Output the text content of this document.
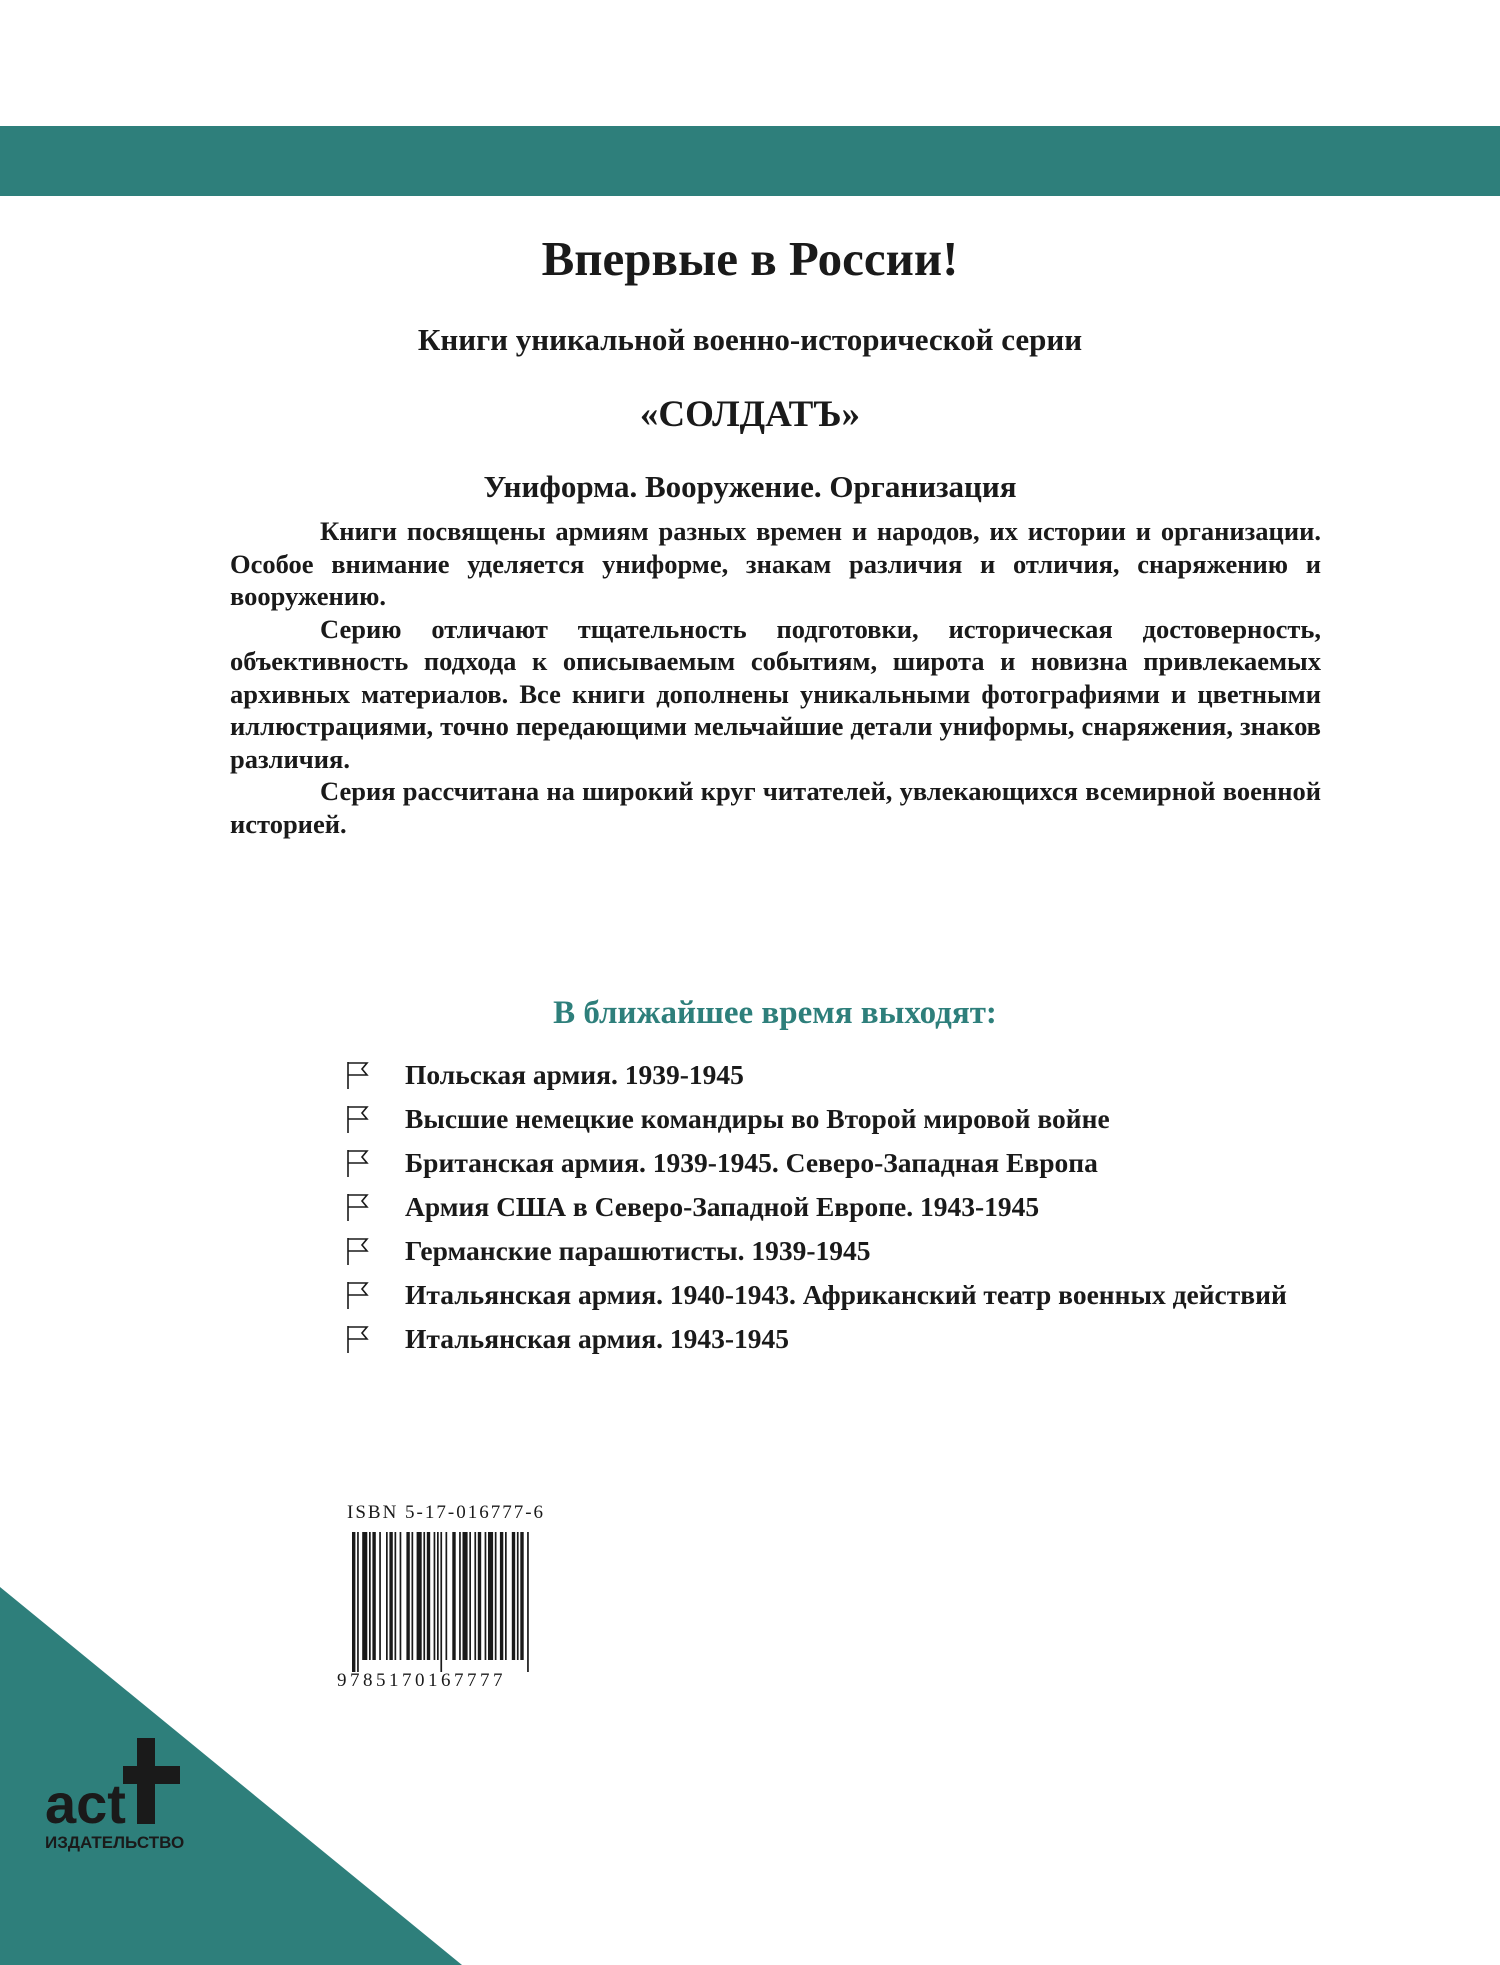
Впервые в России!
Книги уникальной военно-исторической серии
«СОЛДАТЪ»
Униформа. Вооружение. Организация

Книги посвящены армиям разных времен и народов, их истории и организации. Особое внимание уделяется униформе, знакам различия и отличия, снаряжению и вооружению.

Серию отличают тщательность подготовки, историческая достоверность, объективность подхода к описываемым событиям, широта и новизна привлекаемых архивных материалов. Все книги дополнены уникальными фотографиями и цветными иллюстрациями, точно передающими мельчайшие детали униформы, снаряжения, знаков различия.

Серия рассчитана на широкий круг читателей, увлекающихся всемирной военной историей.

В ближайшее время выходят:
Польская армия. 1939-1945
Высшие немецкие командиры во Второй мировой войне
Британская армия. 1939-1945. Северо-Западная Европа
Армия США в Северо-Западной Европе. 1943-1945
Германские парашютисты. 1939-1945
Итальянская армия. 1940-1943. Африканский театр военных действий
Итальянская армия. 1943-1945
ISBN 5-17-016777-6
9785170167777
act
ИЗДАТЕЛЬСТВО
